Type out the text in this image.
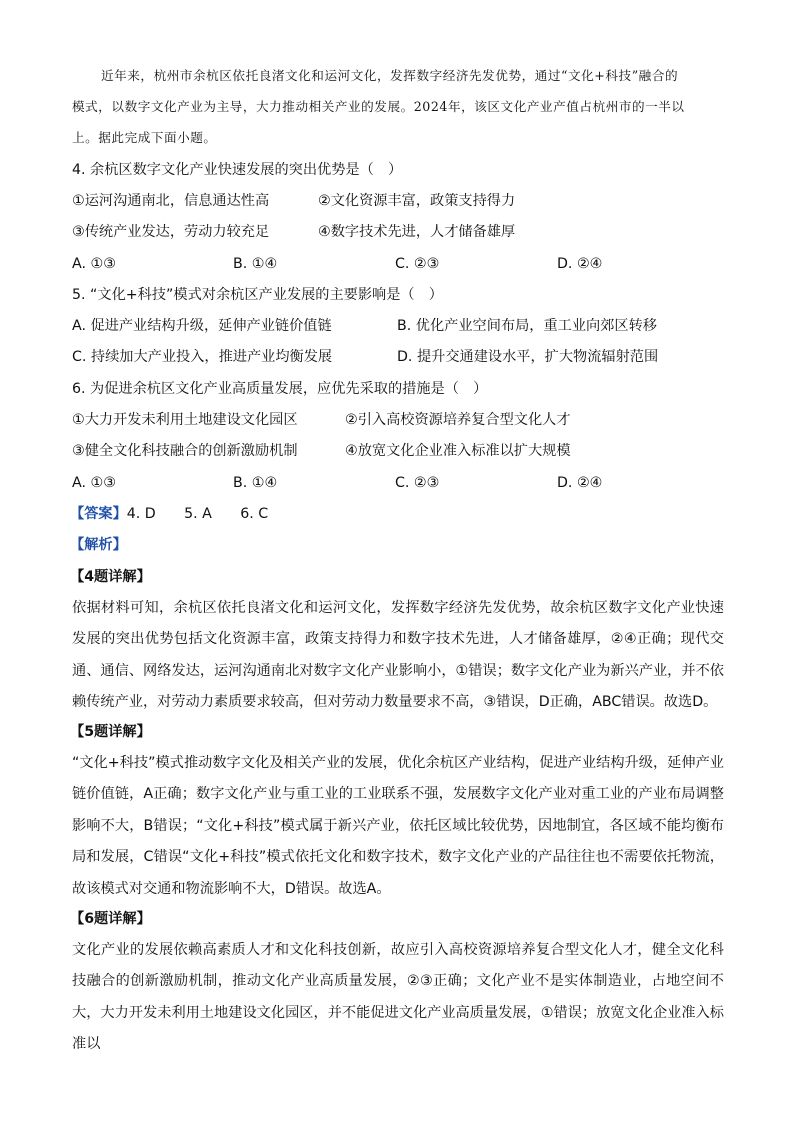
近年来，杭州市余杭区依托良渚文化和运河文化，发挥数字经济先发优势，通过“文化+科技”融合的
模式，以数字文化产业为主导，大力推动相关产业的发展。2024年，该区文化产业产值占杭州市的一半以
上。据此完成下面小题。
4. 余杭区数字文化产业快速发展的突出优势是（　）
①运河沟通南北，信息通达性高	②文化资源丰富，政策支持得力
③传统产业发达，劳动力较充足	④数字技术先进，人才储备雄厚
A. ①③	B. ①④	C. ②③	D. ②④
5. “文化+科技”模式对余杭区产业发展的主要影响是（　）
A. 促进产业结构升级，延伸产业链价值链	B. 优化产业空间布局，重工业向郊区转移
C. 持续加大产业投入，推进产业均衡发展	D. 提升交通建设水平，扩大物流辐射范围
6. 为促进余杭区文化产业高质量发展，应优先采取的措施是（　）
①大力开发未利用土地建设文化园区	②引入高校资源培养复合型文化人才
③健全文化科技融合的创新激励机制	④放宽文化企业准入标准以扩大规模
A. ①③	B. ①④	C. ②③	D. ②④
【答案】4. D　　5. A　　6. C
【解析】
【4题详解】
依据材料可知，余杭区依托良渚文化和运河文化，发挥数字经济先发优势，故余杭区数字文化产业快速发展的突出优势包括文化资源丰富，政策支持得力和数字技术先进，人才储备雄厚，②④正确；现代交通、通信、网络发达，运河沟通南北对数字文化产业影响小，①错误；数字文化产业为新兴产业，并不依赖传统产业，对劳动力素质要求较高，但对劳动力数量要求不高，③错误，D正确，ABC错误。故选D。
【5题详解】
“文化+科技”模式推动数字文化及相关产业的发展，优化余杭区产业结构，促进产业结构升级，延伸产业链价值链，A正确；数字文化产业与重工业的工业联系不强，发展数字文化产业对重工业的产业布局调整影响不大，B错误；“文化+科技”模式属于新兴产业，依托区域比较优势，因地制宜，各区域不能均衡布局和发展，C错误“文化+科技”模式依托文化和数字技术，数字文化产业的产品往往也不需要依托物流，故该模式对交通和物流影响不大，D错误。故选A。
【6题详解】
文化产业的发展依赖高素质人才和文化科技创新，故应引入高校资源培养复合型文化人才，健全文化科技融合的创新激励机制，推动文化产业高质量发展，②③正确；文化产业不是实体制造业，占地空间不大，大力开发未利用土地建设文化园区，并不能促进文化产业高质量发展，①错误；放宽文化企业准入标准以
